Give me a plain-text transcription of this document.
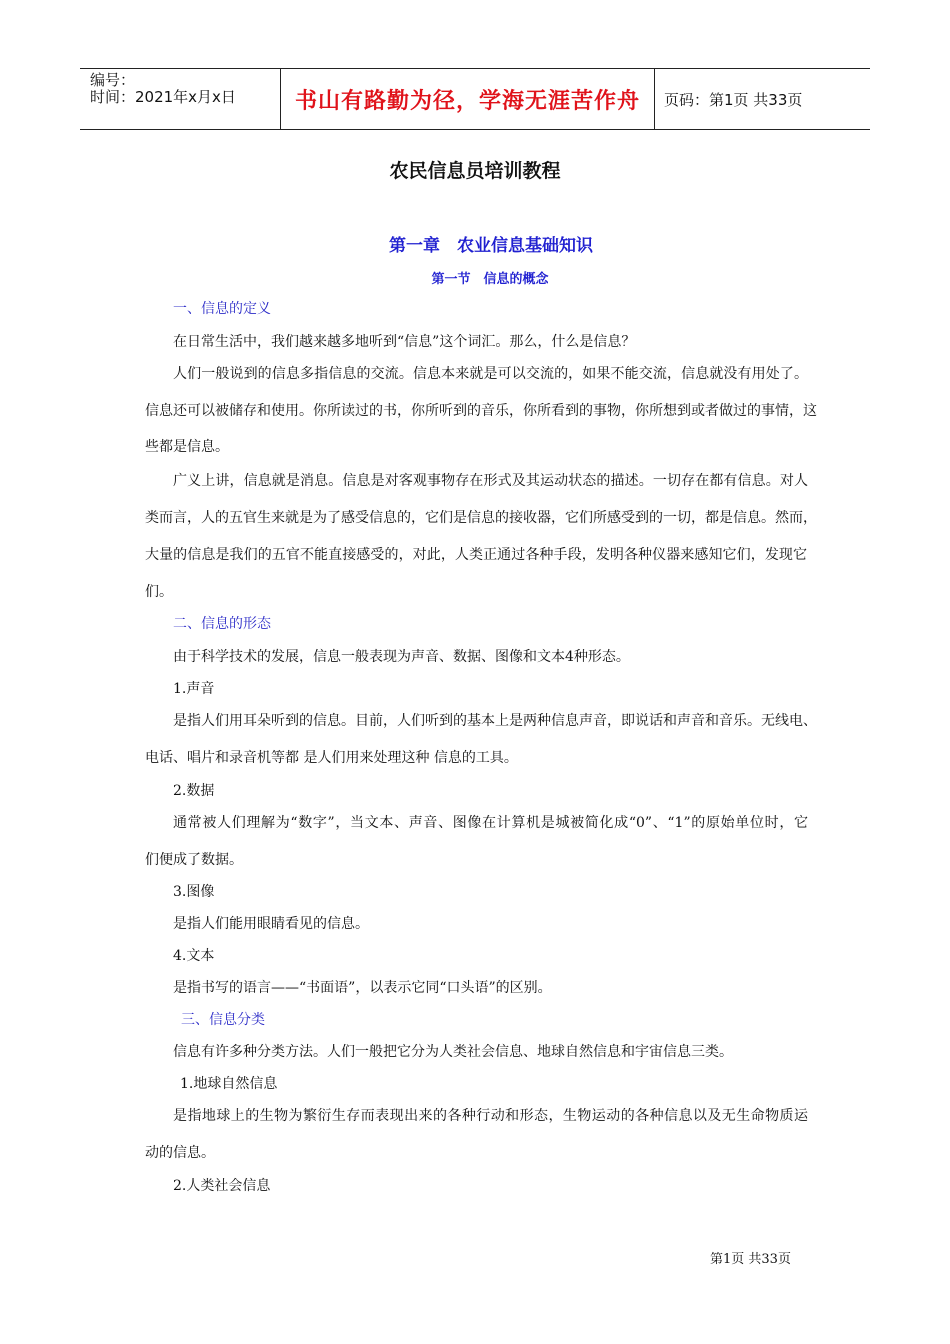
编号：
时间：2021年x月x日	书山有路勤为径，学海无涯苦作舟	页码：第1页 共33页
农民信息员培训教程
第一章　农业信息基础知识
第一节　信息的概念
一、信息的定义
在日常生活中，我们越来越多地听到“信息”这个词汇。那么，什么是信息？
人们一般说到的信息多指信息的交流。信息本来就是可以交流的，如果不能交流，信息就没有用处了。
信息还可以被储存和使用。你所读过的书，你所听到的音乐，你所看到的事物，你所想到或者做过的事情，这
些都是信息。
广义上讲，信息就是消息。信息是对客观事物存在形式及其运动状态的描述。一切存在都有信息。对人
类而言，人的五官生来就是为了感受信息的，它们是信息的接收器，它们所感受到的一切，都是信息。然而，
大量的信息是我们的五官不能直接感受的，对此，人类正通过各种手段，发明各种仪器来感知它们，发现它
们。
二、信息的形态
由于科学技术的发展，信息一般表现为声音、数据、图像和文本4种形态。
1.声音
是指人们用耳朵听到的信息。目前，人们听到的基本上是两种信息声音，即说话和声音和音乐。无线电、
电话、唱片和录音机等都 是人们用来处理这种 信息的工具。
2.数据
通常被人们理解为“数字”，当文本、声音、图像在计算机是城被简化成“0”、“1”的原始单位时，它
们便成了数据。
3.图像
是指人们能用眼睛看见的信息。
4.文本
是指书写的语言——“书面语”，以表示它同“口头语”的区别。
三、信息分类
信息有许多种分类方法。人们一般把它分为人类社会信息、地球自然信息和宇宙信息三类。
1.地球自然信息
是指地球上的生物为繁衍生存而表现出来的各种行动和形态，生物运动的各种信息以及无生命物质运
动的信息。
2.人类社会信息
第1页 共33页
